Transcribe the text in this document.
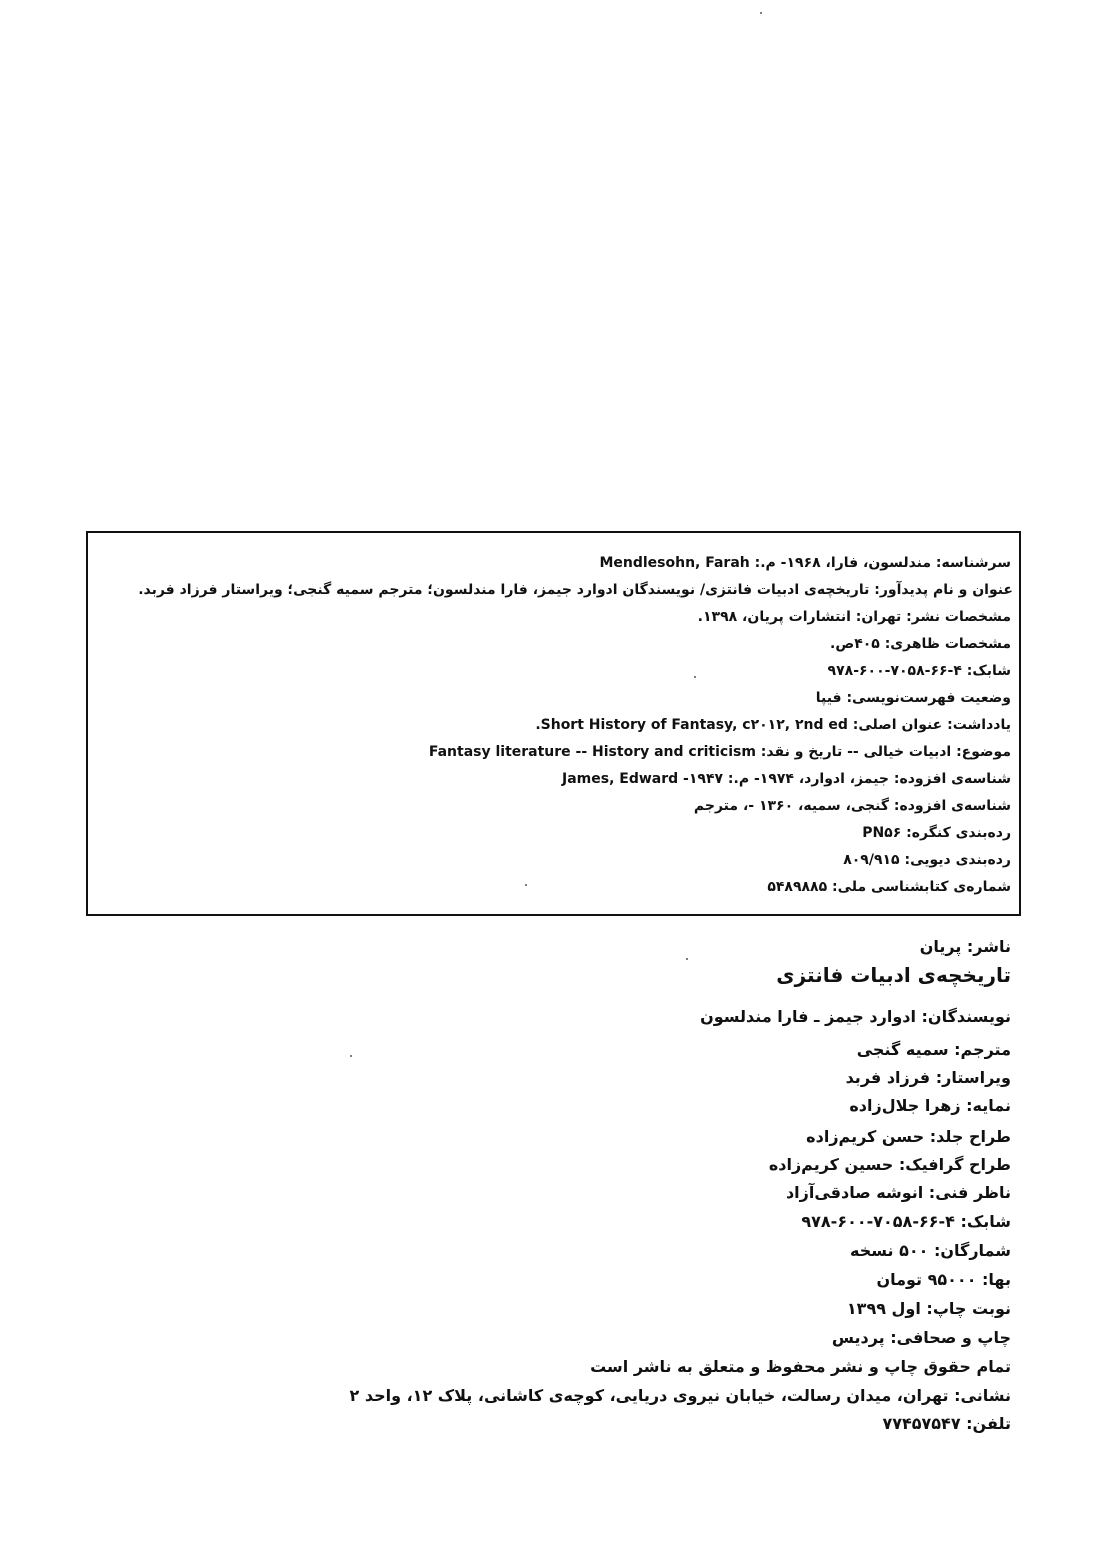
سرشناسه: مندلسون، فارا، ۱۹۶۸- م.: Mendlesohn, Farah
عنوان و نام پدیدآور: تاریخچه‌ی ادبیات فانتزی/ نویسندگان ادوارد جیمز، فارا مندلسون؛ مترجم سمیه گنجی؛ ویراستار فرزاد فربد.
مشخصات نشر: تهران: انتشارات پریان، ۱۳۹۸.
مشخصات ظاهری: ۴۰۵ص.
شابک: ۴-۶۶-۷۰۵۸-۶۰۰-۹۷۸
وضعیت فهرست‌نویسی: فیپا
یادداشت: عنوان اصلی: Short History of Fantasy, c۲۰۱۲, ۲nd ed.
موضوع: ادبیات خیالی -- تاریخ و نقد: Fantasy literature -- History and criticism
شناسه‌ی افزوده: جیمز، ادوارد، ۱۹۷۴- م.: James, Edward -۱۹۴۷
شناسه‌ی افزوده: گنجی، سمیه، ۱۳۶۰ -، مترجم
رده‌بندی کنگره: PN۵۶
رده‌بندی دیویی: ۸۰۹/۹۱۵
شماره‌ی کتابشناسی ملی: ۵۴۸۹۸۸۵
ناشر: پریان
تاریخچه‌ی ادبیات فانتزی
نویسندگان: ادوارد جیمز ـ فارا مندلسون
مترجم: سمیه گنجی
ویراستار: فرزاد فربد
نمایه: زهرا جلال‌زاده
طراح جلد: حسن کریم‌زاده
طراح گرافیک: حسین کریم‌زاده
ناظر فنی: انوشه صادقی‌آزاد
شابک: ۴-۶۶-۷۰۵۸-۶۰۰-۹۷۸
شمارگان: ۵۰۰ نسخه
بها: ۹۵۰۰۰ تومان
نوبت چاپ: اول ۱۳۹۹
چاپ و صحافی: پردیس
تمام حقوق چاپ و نشر محفوظ و متعلق به ناشر است
نشانی: تهران، میدان رسالت، خیابان نیروی دریایی، کوچه‌ی کاشانی، پلاک ۱۲، واحد ۲
تلفن: ۷۷۴۵۷۵۴۷
